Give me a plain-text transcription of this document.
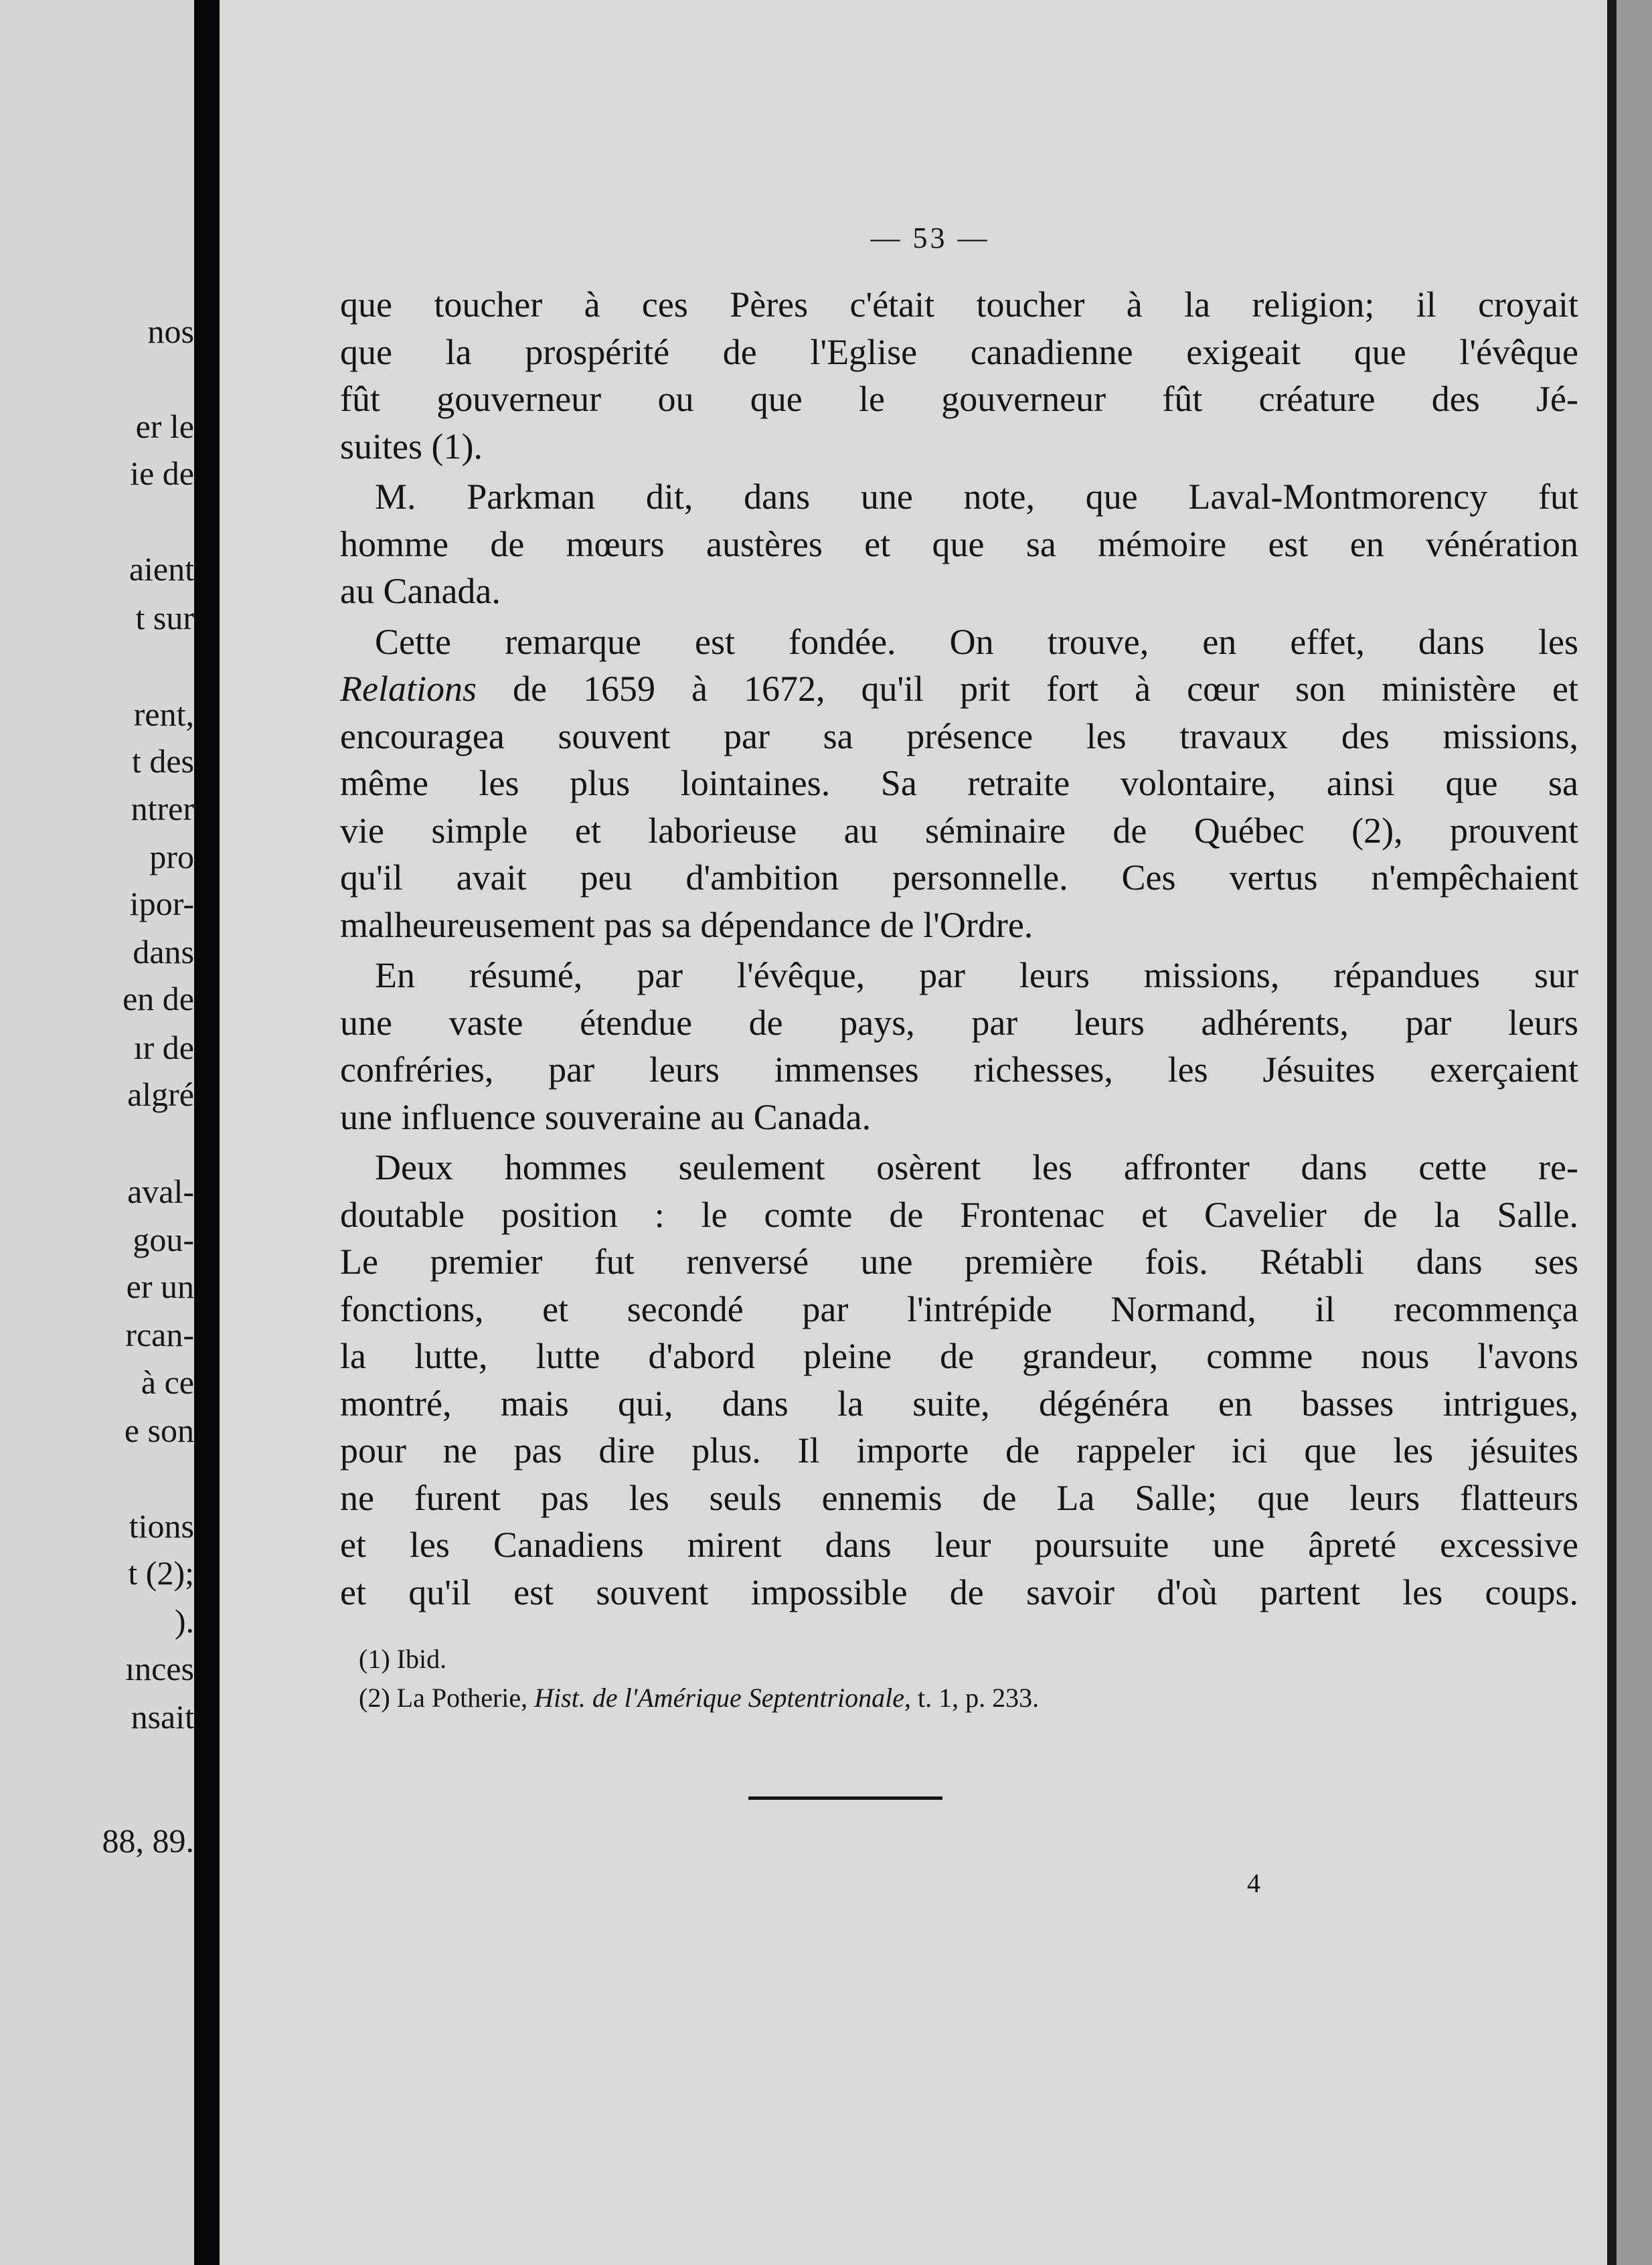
nos

er le

ie de

aient

t sur

rent,

t des

ntrer

pro

ipor-

dans

en de

ır de

algré

aval-

gou-

er un

rcan-

à ce

e son

tions

t (2);

).

ınces

nsait

88, 89.

— 53 —
que toucher à ces Pères c'était toucher à la religion; il croyait
que la prospérité de l'Eglise canadienne exigeait que l'évêque
fût gouverneur ou que le gouverneur fût créature des Jé-
suites (1).
M. Parkman dit, dans une note, que Laval-Montmorency fut
homme de mœurs austères et que sa mémoire est en vénération
au Canada.
Cette remarque est fondée. On trouve, en effet, dans les
Relations de 1659 à 1672, qu'il prit fort à cœur son ministère et
encouragea souvent par sa présence les travaux des missions,
même les plus lointaines. Sa retraite volontaire, ainsi que sa
vie simple et laborieuse au séminaire de Québec (2), prouvent
qu'il avait peu d'ambition personnelle. Ces vertus n'empêchaient
malheureusement pas sa dépendance de l'Ordre.
En résumé, par l'évêque, par leurs missions, répandues sur
une vaste étendue de pays, par leurs adhérents, par leurs
confréries, par leurs immenses richesses, les Jésuites exerçaient
une influence souveraine au Canada.
Deux hommes seulement osèrent les affronter dans cette re-
doutable position : le comte de Frontenac et Cavelier de la Salle.
Le premier fut renversé une première fois. Rétabli dans ses
fonctions, et secondé par l'intrépide Normand, il recommença
la lutte, lutte d'abord pleine de grandeur, comme nous l'avons
montré, mais qui, dans la suite, dégénéra en basses intrigues,
pour ne pas dire plus. Il importe de rappeler ici que les jésuites
ne furent pas les seuls ennemis de La Salle; que leurs flatteurs
et les Canadiens mirent dans leur poursuite une âpreté excessive
et qu'il est souvent impossible de savoir d'où partent les coups.

(1) Ibid.

(2) La Potherie, Hist. de l'Amérique Septentrionale, t. 1, p. 233.

4
